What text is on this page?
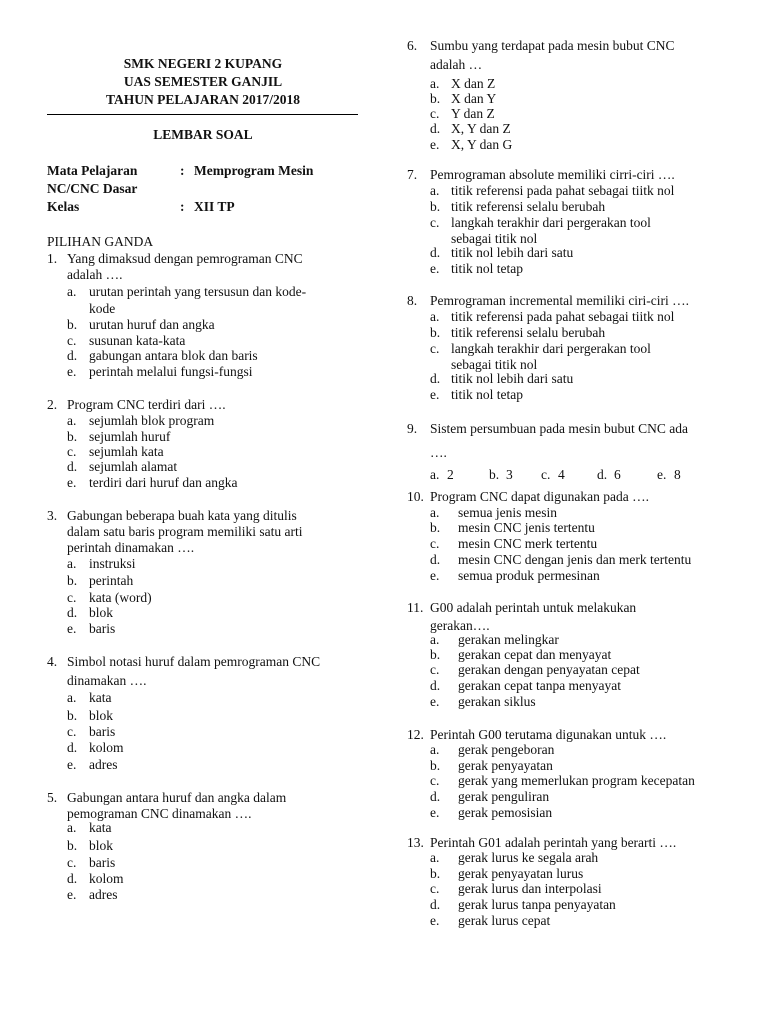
SMK NEGERI 2 KUPANG
UAS SEMESTER GANJIL
TAHUN PELAJARAN 2017/2018
LEMBAR SOAL
Mata Pelajaran	: Memprogram Mesin
NC/CNC Dasar
Kelas	: XII TP
PILIHAN GANDA
1. Yang dimaksud dengan pemrograman CNC
adalah ….
a. urutan perintah yang tersusun dan kode-
kode
b. urutan huruf dan angka
c. susunan kata-kata
d. gabungan antara blok dan baris
e. perintah melalui fungsi-fungsi
2. Program CNC terdiri dari ….
a. sejumlah blok program
b. sejumlah huruf
c. sejumlah kata
d. sejumlah alamat
e. terdiri dari huruf dan angka
3. Gabungan beberapa buah kata yang ditulis
dalam satu baris program memiliki satu arti
perintah dinamakan ….
a. instruksi
b. perintah
c. kata (word)
d. blok
e. baris
4. Simbol notasi huruf dalam pemrograman CNC
dinamakan ….
a. kata
b. blok
c. baris
d. kolom
e. adres
5. Gabungan antara huruf dan angka dalam
pemograman CNC dinamakan ….
a. kata
b. blok
c. baris
d. kolom
e. adres
6. Sumbu yang terdapat pada mesin bubut CNC
adalah …
a. X dan Z
b. X dan Y
c. Y dan Z
d. X, Y dan Z
e. X, Y dan G
7. Pemrograman absolute memiliki cirri-ciri ….
a. titik referensi pada pahat sebagai tiitk nol
b. titik referensi selalu berubah
c. langkah terakhir dari pergerakan tool
sebagai titik nol
d. titik nol lebih dari satu
e. titik nol tetap
8. Pemrograman incremental memiliki ciri-ciri ….
a. titik referensi pada pahat sebagai tiitk nol
b. titik referensi selalu berubah
c. langkah terakhir dari pergerakan tool
sebagai titik nol
d. titik nol lebih dari satu
e. titik nol tetap
9. Sistem persumbuan pada mesin bubut CNC ada
….
a. 2	b. 3 c. 4 d. 6	e. 8
10. Program CNC dapat digunakan pada ….
a. semua jenis mesin
b. mesin CNC jenis tertentu
c. mesin CNC merk tertentu
d. mesin CNC dengan jenis dan merk tertentu
e. semua produk permesinan
11. G00 adalah perintah untuk melakukan
gerakan….
a. gerakan melingkar
b. gerakan cepat dan menyayat
c. gerakan dengan penyayatan cepat
d. gerakan cepat tanpa menyayat
e. gerakan siklus
12. Perintah G00 terutama digunakan untuk ….
a. gerak pengeboran
b. gerak penyayatan
c. gerak yang memerlukan program kecepatan
d. gerak penguliran
e. gerak pemosisian
13. Perintah G01 adalah perintah yang berarti ….
a. gerak lurus ke segala arah
b. gerak penyayatan lurus
c. gerak lurus dan interpolasi
d. gerak lurus tanpa penyayatan
e. gerak lurus cepat
